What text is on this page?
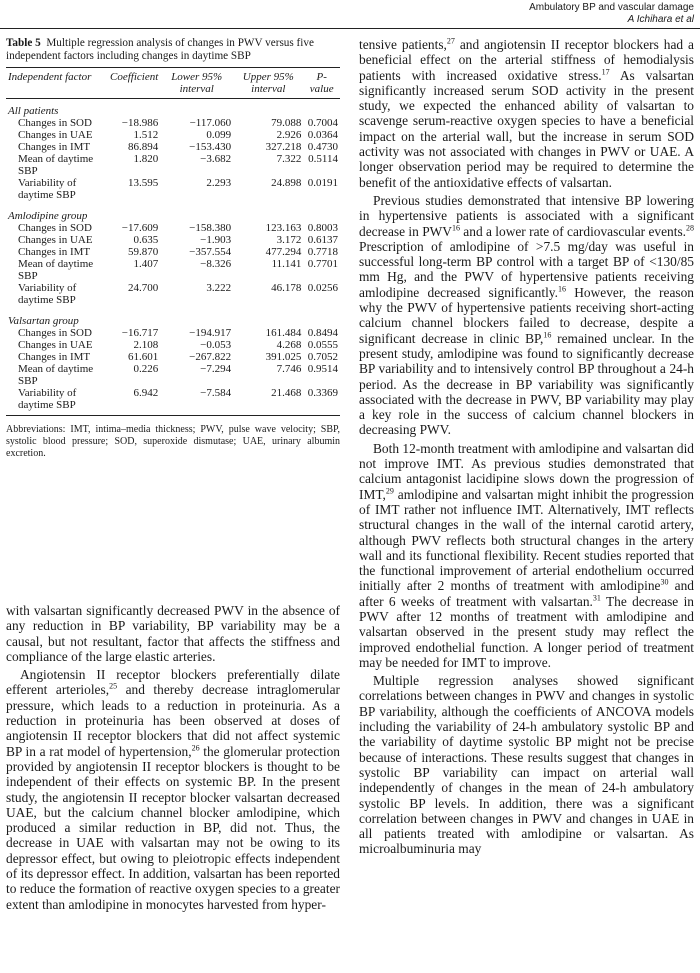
Ambulatory BP and vascular damage
A Ichihara et al
Table 5 Multiple regression analysis of changes in PWV versus five independent factors including changes in daytime SBP
Independent factor	Coefficient	Lower 95% interval	Upper 95% interval	P-value
All patients				
Changes in SOD	−18.986	−117.060	79.088	0.7004
Changes in UAE	1.512	0.099	2.926	0.0364
Changes in IMT	86.894	−153.430	327.218	0.4730
Mean of daytime SBP	1.820	−3.682	7.322	0.5114
Variability of daytime SBP	13.595	2.293	24.898	0.0191
Amlodipine group				
Changes in SOD	−17.609	−158.380	123.163	0.8003
Changes in UAE	0.635	−1.903	3.172	0.6137
Changes in IMT	59.870	−357.554	477.294	0.7718
Mean of daytime SBP	1.407	−8.326	11.141	0.7701
Variability of daytime SBP	24.700	3.222	46.178	0.0256
Valsartan group				
Changes in SOD	−16.717	−194.917	161.484	0.8494
Changes in UAE	2.108	−0.053	4.268	0.0555
Changes in IMT	61.601	−267.822	391.025	0.7052
Mean of daytime SBP	0.226	−7.294	7.746	0.9514
Variability of daytime SBP	6.942	−7.584	21.468	0.3369
Abbreviations: IMT, intima–media thickness; PWV, pulse wave velocity; SBP, systolic blood pressure; SOD, superoxide dismutase; UAE, urinary albumin excretion.

with valsartan significantly decreased PWV in the absence of any reduction in BP variability, BP variability may be a causal, but not resultant, factor that affects the stiffness and compliance of the large elastic arteries.

Angiotensin II receptor blockers preferentially dilate efferent arterioles,$^{25}$ and thereby decrease intraglomerular pressure, which leads to a reduction in proteinuria. As a reduction in proteinuria has been observed at doses of angiotensin II receptor blockers that did not affect systemic BP in a rat model of hypertension,$^{26}$ the glomerular protection provided by angiotensin II receptor blockers is thought to be independent of their effects on systemic BP. In the present study, the angiotensin II receptor blocker valsartan decreased UAE, but the calcium channel blocker amlodipine, which produced a similar reduction in BP, did not. Thus, the decrease in UAE with valsartan may not be owing to its depressor effect, but owing to pleiotropic effects independent of its depressor effect. In addition, valsartan has been reported to reduce the formation of reactive oxygen species to a greater extent than amlodipine in monocytes harvested from hyper-

tensive patients,$^{27}$ and angiotensin II receptor blockers had a beneficial effect on the arterial stiffness of hemodialysis patients with increased oxidative stress.$^{17}$ As valsartan significantly increased serum SOD activity in the present study, we expected the enhanced ability of valsartan to scavenge serum-reactive oxygen species to have a beneficial impact on the arterial wall, but the increase in serum SOD activity was not associated with changes in PWV or UAE. A longer observation period may be required to determine the benefit of the antioxidative effects of valsartan.

Previous studies demonstrated that intensive BP lowering in hypertensive patients is associated with a significant decrease in PWV$^{16}$ and a lower rate of cardiovascular events.$^{28}$ Prescription of amlodipine of >7.5 mg/day was useful in successful long-term BP control with a target BP of <130/85 mm Hg, and the PWV of hypertensive patients receiving amlodipine decreased significantly.$^{16}$ However, the reason why the PWV of hypertensive patients receiving short-acting calcium channel blockers failed to decrease, despite a significant decrease in clinic BP,$^{16}$ remained unclear. In the present study, amlodipine was found to significantly decrease BP variability and to intensively control BP throughout a 24-h period. As the decrease in BP variability was significantly associated with the decrease in PWV, BP variability may play a key role in the success of calcium channel blockers in decreasing PWV.

Both 12-month treatment with amlodipine and valsartan did not improve IMT. As previous studies demonstrated that calcium antagonist lacidipine slows down the progression of IMT,$^{29}$ amlodipine and valsartan might inhibit the progression of IMT rather not influence IMT. Alternatively, IMT reflects structural changes in the wall of the internal carotid artery, although PWV reflects both structural changes in the artery wall and its functional flexibility. Recent studies reported that the functional improvement of arterial endothelium occurred initially after 2 months of treatment with amlodipine$^{30}$ and after 6 weeks of treatment with valsartan.$^{31}$ The decrease in PWV after 12 months of treatment with amlodipine and valsartan observed in the present study may reflect the improved endothelial function. A longer period of treatment may be needed for IMT to improve.

Multiple regression analyses showed significant correlations between changes in PWV and changes in systolic BP variability, although the coefficients of ANCOVA models including the variability of 24-h ambulatory systolic BP and the variability of daytime systolic BP might not be precise because of interactions. These results suggest that changes in systolic BP variability can impact on arterial wall independently of changes in the mean of 24-h ambulatory systolic BP levels. In addition, there was a significant correlation between changes in PWV and changes in UAE in all patients treated with amlodipine or valsartan. As microalbuminuria may
